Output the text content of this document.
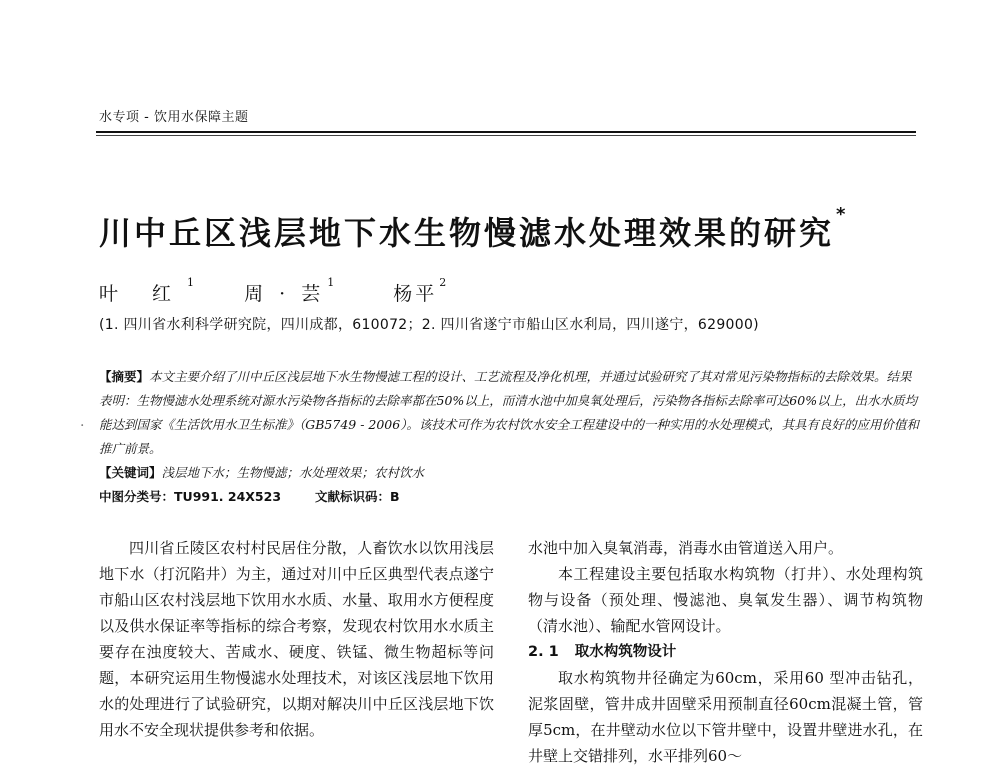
水专项 - 饮用水保障主题
川中丘区浅层地下水生物慢滤水处理效果的研究 *
叶 红$^1$ 周 · 芸$^1$ 杨平$^2$
(1. 四川省水利科学研究院，四川成都，610072；2. 四川省遂宁市船山区水利局，四川遂宁，629000)
·

【摘要】本文主要介绍了川中丘区浅层地下水生物慢滤工程的设计、工艺流程及净化机理，并通过试验研究了其对常见污染物指标的去除效果。结果表明：生物慢滤水处理系统对源水污染物各指标的去除率都在50%以上，而清水池中加臭氧处理后，污染物各指标去除率可达60%以上，出水水质均能达到国家《生活饮用水卫生标准》（GB5749 - 2006）。该技术可作为农村饮水安全工程建设中的一种实用的水处理模式，其具有良好的应用价值和推广前景。

【关键词】浅层地下水；生物慢滤；水处理效果；农村饮水

中图分类号：TU991. 24X523	文献标识码：B

四川省丘陵区农村村民居住分散，人畜饮水以饮用浅层地下水（打沉陷井）为主，通过对川中丘区典型代表点遂宁市船山区农村浅层地下饮用水水质、水量、取用水方便程度以及供水保证率等指标的综合考察，发现农村饮用水水质主要存在浊度较大、苦咸水、硬度、铁锰、微生物超标等问题，本研究运用生物慢滤水处理技术，对该区浅层地下饮用水的处理进行了试验研究，以期对解决川中丘区浅层地下饮用水不安全现状提供参考和依据。

水池中加入臭氧消毒，消毒水由管道送入用户。

本工程建设主要包括取水构筑物（打井）、水处理构筑物与设备（预处理、慢滤池、臭氧发生器）、调节构筑物（清水池）、输配水管网设计。

2. 1 取水构筑物设计

取水构筑物井径确定为60cm，采用60 型冲击钻孔，泥浆固壁，管井成井固壁采用预制直径60cm混凝土管，管厚5cm，在井壁动水位以下管井壁中，设置井壁进水孔，在井壁上交错排列，水平排列60～
